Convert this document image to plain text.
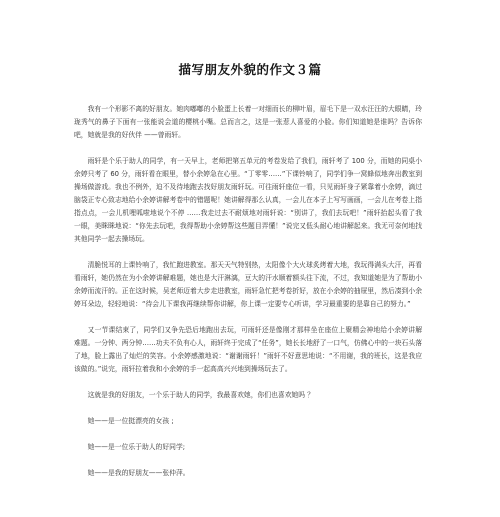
描写朋友外貌的作文３篇

我有一个形影不离的好朋友。她肉嘟嘟的小脸蛋上长着一对细而长的柳叶眉，眉毛下是一双水汪汪的大眼睛，玲珑秀气的鼻子下面有一张能说会道的樱桃小嘴。总而言之，这是一张惹人喜爱的小脸。你们知道她是谁吗？告诉你吧，她就是我的好伙伴 ——曾雨轩。

雨轩是个乐于助人的同学，有一天早上，老师把第五单元的考卷发给了我们，雨轩考了 100 分，而她的同桌小余婷只考了 60 分，雨轩看在眼里，替小余婷急在心里。“丁零零……”下课铃响了，同学们争一窝蜂似地奔出教室到操场做游戏。我也不例外，迫不及待地跑去找好朋友雨轩玩。可往雨轩座位一看，只见雨轩身子紧靠着小余婷，滴过脑袋正专心致志地给小余婷讲解考卷中的错题呢！她讲解得那么认真，一会儿在本子上写写画画，一会儿在考卷上指指点点，一会儿机哩呱啦地说个不停 ……我走过去不耐烦地对雨轩说：“别讲了，我们去玩吧！”雨轩抬起头看了我一眼，美眯眯地说：“你先去玩吧，我得帮助小余婷帮这些题目弄懂！”说完又低头耐心地讲解起来。我无可奈何地找其他同学一起去操场玩。

清脆悦耳的上课铃响了，我忙跑进教室。那天天气特别热，太阳像个大火球炙烤着大地，我玩得满头大汗，再看看雨轩，她仍然在为小余婷讲解难题，她也是大汗淋漓，豆大的汗水顺着额头往下流，不过，我知道她是为了帮助小余婷而流汗的。正在这时候，吴老师迈着大步走进教室，雨轩急忙把考卷折好，放在小余婷的抽屉里，然后凑到小余婷耳朵边，轻轻地说：“待会儿下课我再继续帮你讲解，你上课一定要专心听讲，学习最重要的是靠自己的努力。”

又一节课结束了，同学们又争先恐后地跑出去玩，可雨轩还是像刚才那样坐在座位上聚精会神地给小余婷讲解 难题。一分钟、两分钟……功夫不负有心人，雨轩终于完成了“任务”，她长长地舒了一口气，仿佛心中的一块石头落了地，脸上露出了灿烂的笑容。小余婷感激地说：“谢谢雨轩！”雨轩不好意思地说：“不用谢，我的班长，这是我应该做的。”说完，雨轩拉着我和小余婷的手一起高高兴兴地到操场玩去了。

这就是我的好朋友，一个乐于助人的同学，我最喜欢她，你们也喜欢她吗 ？

她——是一位挺漂亮的女孩 ;

她——是一位乐于助人的好同学;

她——是我的好朋友——张仲萍。
